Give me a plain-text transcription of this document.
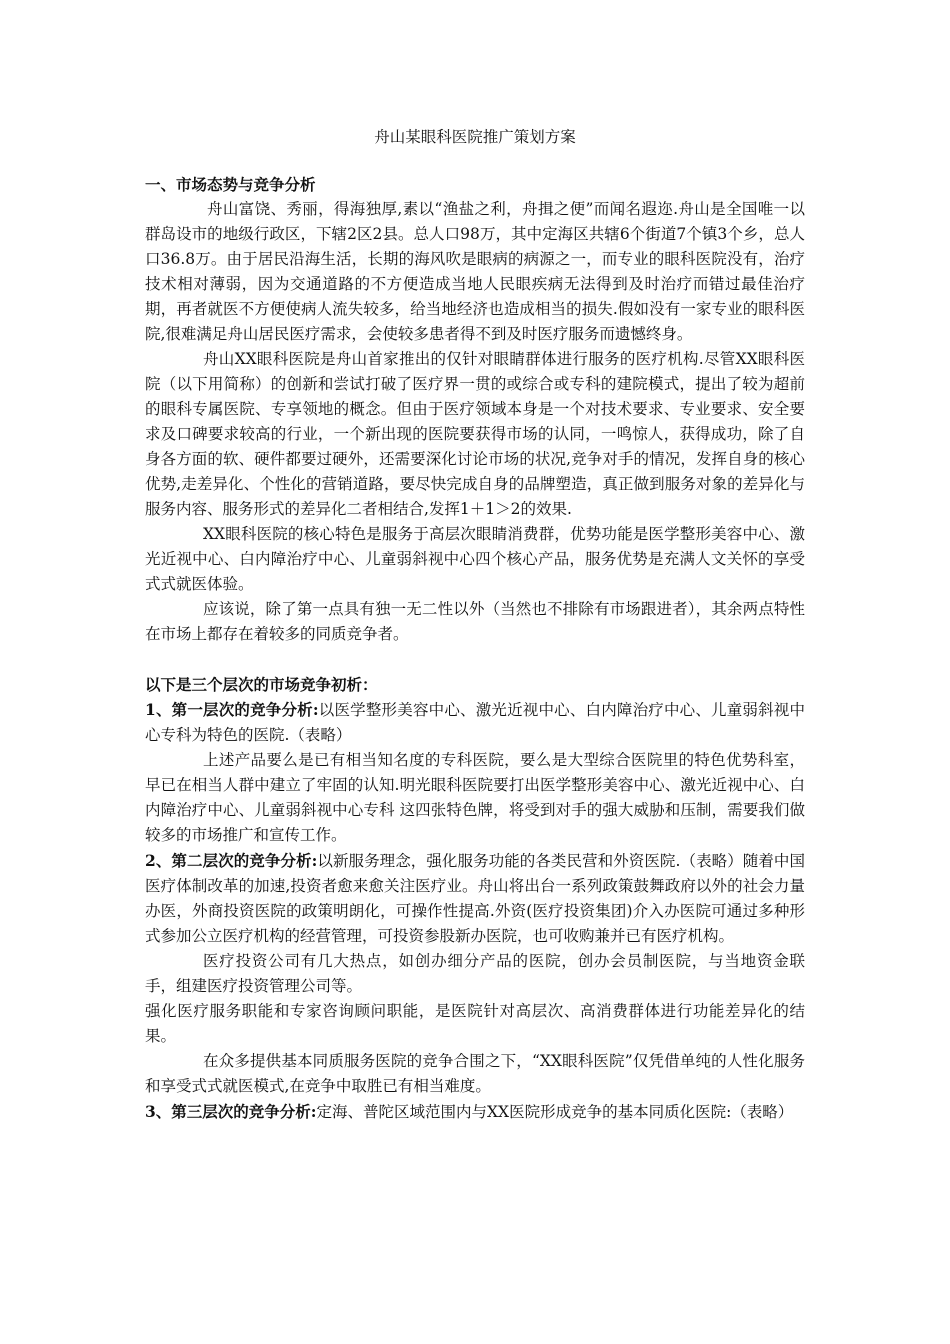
舟山某眼科医院推广策划方案

一、市场态势与竞争分析

舟山富饶、秀丽，得海独厚,素以“渔盐之利，舟揖之便”而闻名遐迩.舟山是全国唯一以群岛设市的地级行政区，下辖2区2县。总人口98万，其中定海区共辖6个街道7个镇3个乡，总人口36.8万。由于居民沿海生活，长期的海风吹是眼病的病源之一，而专业的眼科医院没有，治疗技术相对薄弱，因为交通道路的不方便造成当地人民眼疾病无法得到及时治疗而错过最佳治疗期，再者就医不方便使病人流失较多，给当地经济也造成相当的损失.假如没有一家专业的眼科医院,很难满足舟山居民医疗需求，会使较多患者得不到及时医疗服务而遗憾终身。

舟山XX眼科医院是舟山首家推出的仅针对眼睛群体进行服务的医疗机构.尽管XX眼科医院（以下用简称）的创新和尝试打破了医疗界一贯的或综合或专科的建院模式，提出了较为超前的眼科专属医院、专享领地的概念。但由于医疗领域本身是一个对技术要求、专业要求、安全要求及口碑要求较高的行业，一个新出现的医院要获得市场的认同，一鸣惊人，获得成功，除了自身各方面的软、硬件都要过硬外，还需要深化讨论市场的状况,竞争对手的情况，发挥自身的核心优势,走差异化、个性化的营销道路，要尽快完成自身的品牌塑造，真正做到服务对象的差异化与服务内容、服务形式的差异化二者相结合,发挥1＋1＞2的效果.

XX眼科医院的核心特色是服务于高层次眼睛消费群，优势功能是医学整形美容中心、激光近视中心、白内障治疗中心、儿童弱斜视中心四个核心产品，服务优势是充满人文关怀的享受式式就医体验。

应该说，除了第一点具有独一无二性以外（当然也不排除有市场跟进者），其余两点特性在市场上都存在着较多的同质竞争者。

以下是三个层次的市场竞争初析：

1、第一层次的竞争分析:以医学整形美容中心、激光近视中心、白内障治疗中心、儿童弱斜视中心专科为特色的医院.（表略）

上述产品要么是已有相当知名度的专科医院，要么是大型综合医院里的特色优势科室，早已在相当人群中建立了牢固的认知.明光眼科医院要打出医学整形美容中心、激光近视中心、白内障治疗中心、儿童弱斜视中心专科 这四张特色牌，将受到对手的强大威胁和压制，需要我们做较多的市场推广和宣传工作。

2、第二层次的竞争分析:以新服务理念，强化服务功能的各类民营和外资医院.（表略）随着中国医疗体制改革的加速,投资者愈来愈关注医疗业。舟山将出台一系列政策鼓舞政府以外的社会力量办医，外商投资医院的政策明朗化，可操作性提高.外资(医疗投资集团)介入办医院可通过多种形式参加公立医疗机构的经营管理，可投资参股新办医院，也可收购兼并已有医疗机构。

医疗投资公司有几大热点，如创办细分产品的医院，创办会员制医院，与当地资金联手，组建医疗投资管理公司等。

强化医疗服务职能和专家咨询顾问职能，是医院针对高层次、高消费群体进行功能差异化的结果。

在众多提供基本同质服务医院的竞争合围之下，“XX眼科医院”仅凭借单纯的人性化服务和享受式式就医模式,在竞争中取胜已有相当难度。

3、第三层次的竞争分析:定海、普陀区域范围内与XX医院形成竞争的基本同质化医院:（表略）
